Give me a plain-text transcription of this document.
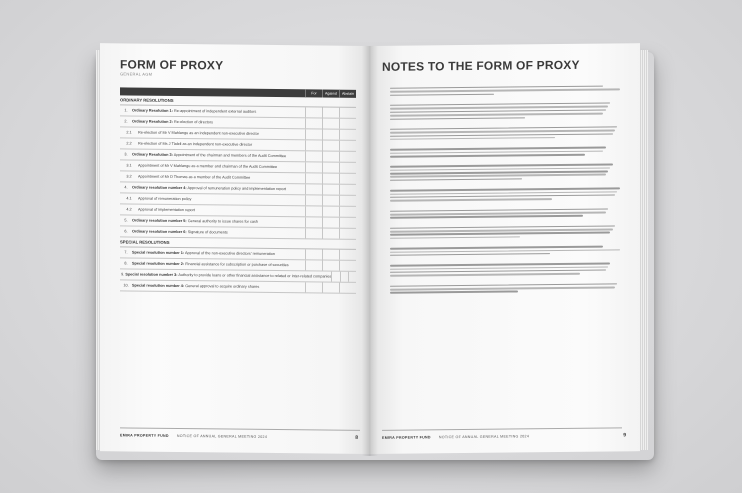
FORM OF PROXY
GENERAL AGM
For	Against	Abstain
ORDINARY RESOLUTIONS
1.	Ordinary Resolution 1: Re-appointment of independent external auditors
2.	Ordinary Resolution 2: Re-election of directors
2.1	Re-election of Mr V Mahlangu as an independent non-executive director
2.2	Re-election of Ms J Tlaleli as an independent non-executive director
3.	Ordinary Resolution 3: Appointment of the chairman and members of the Audit Committee
3.1	Appointment of Mr V Mahlangu as a member and chairman of the Audit Committee
3.2	Appointment of Mr D Thomas as a member of the Audit Committee
4.	Ordinary resolution number 4: Approval of remuneration policy and implementation report
4.1	Approval of remuneration policy
4.2	Approval of implementation report
5.	Ordinary resolution number 5: General authority to issue shares for cash
6.	Ordinary resolution number 6: Signature of documents
SPECIAL RESOLUTIONS
7.	Special resolution number 1: Approval of the non-executive directors' remuneration
8.	Special resolution number 2: Financial assistance for subscription or purchase of securities
9. Special resolution number 3: Authority to provide loans or other financial assistance to related or inter-related companies
10. Special resolution number 4: General approval to acquire ordinary shares
EMIRA PROPERTY FUND NOTICE OF ANNUAL GENERAL MEETING 2024	8
NOTES TO THE FORM OF PROXY
EMIRA PROPERTY FUND NOTICE OF ANNUAL GENERAL MEETING 2024	9
